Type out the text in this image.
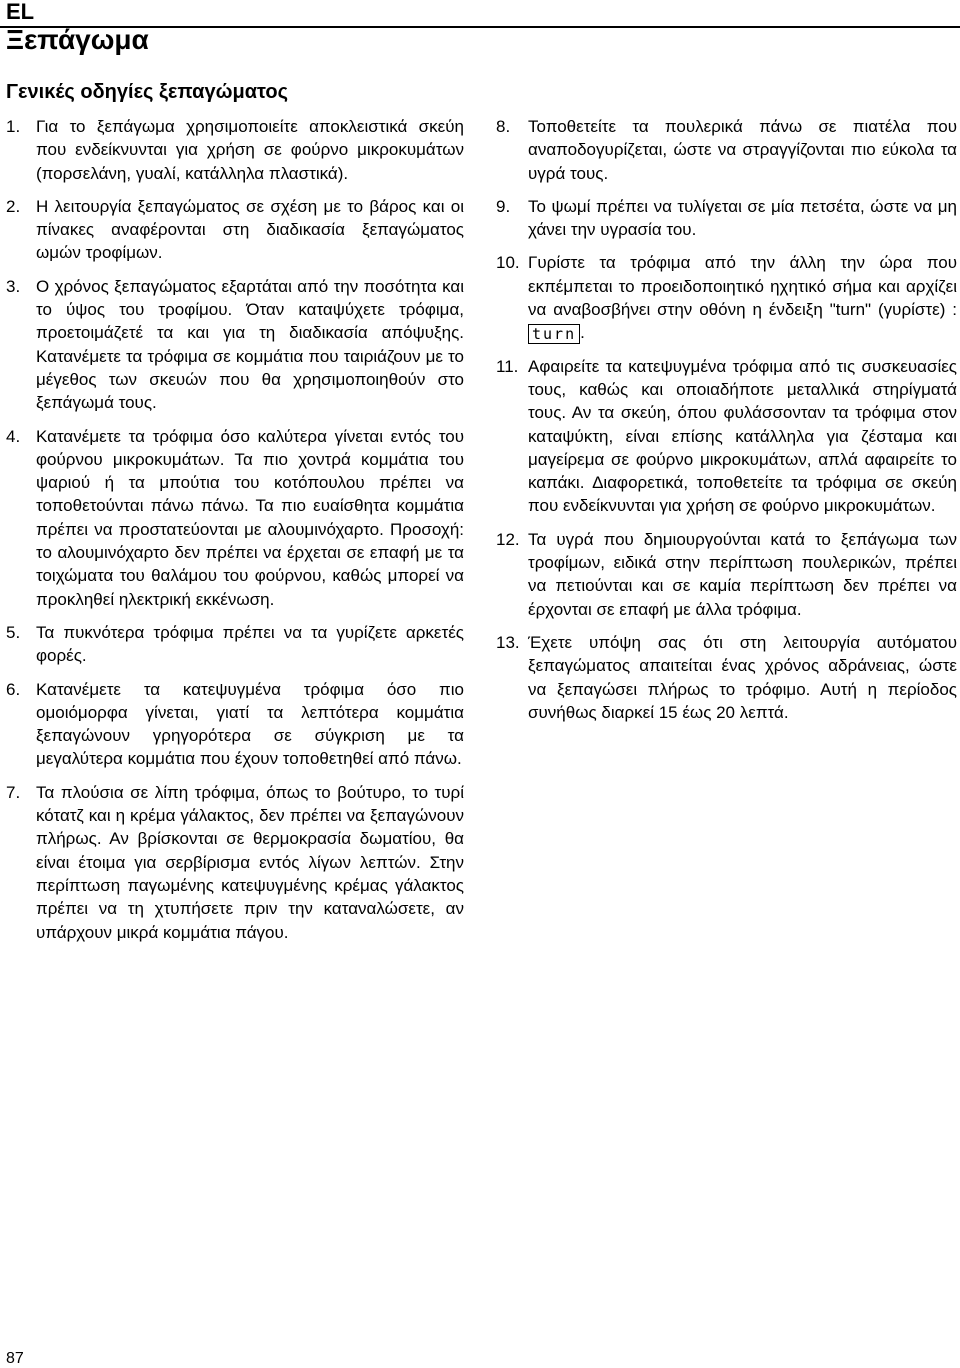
EL
Ξεπάγωμα
Γενικές οδηγίες ξεπαγώματος
1. Για το ξεπάγωμα χρησιμοποιείτε αποκλειστικά σκεύη που ενδείκνυνται για χρήση σε φούρνο μικροκυμάτων (πορσελάνη, γυαλί, κατάλληλα πλαστικά).
2. Η λειτουργία ξεπαγώματος σε σχέση με το βάρος και οι πίνακες αναφέρονται στη διαδικασία ξεπαγώματος ωμών τροφίμων.
3. Ο χρόνος ξεπαγώματος εξαρτάται από την ποσότητα και το ύψος του τροφίμου. Όταν καταψύχετε τρόφιμα, προετοιμάζετέ τα και για τη διαδικασία απόψυξης. Κατανέμετε τα τρόφιμα σε κομμάτια που ταιριάζουν με το μέγεθος των σκευών που θα χρησιμοποιηθούν στο ξεπάγωμά τους.
4. Κατανέμετε τα τρόφιμα όσο καλύτερα γίνεται εντός του φούρνου μικροκυμάτων. Τα πιο χοντρά κομμάτια του ψαριού ή τα μπούτια του κοτόπουλου πρέπει να τοποθετούνται πάνω πάνω. Τα πιο ευαίσθητα κομμάτια πρέπει να προστατεύονται με αλουμινόχαρτο. Προσοχή: το αλουμινόχαρτο δεν πρέπει να έρχεται σε επαφή με τα τοιχώματα του θαλάμου του φούρνου, καθώς μπορεί να προκληθεί ηλεκτρική εκκένωση.
5. Τα πυκνότερα τρόφιμα πρέπει να τα γυρίζετε αρκετές φορές.
6. Κατανέμετε τα κατεψυγμένα τρόφιμα όσο πιο ομοιόμορφα γίνεται, γιατί τα λεπτότερα κομμάτια ξεπαγώνουν γρηγορότερα σε σύγκριση με τα μεγαλύτερα κομμάτια που έχουν τοποθετηθεί από πάνω.
7. Τα πλούσια σε λίπη τρόφιμα, όπως το βούτυρο, το τυρί κότατζ και η κρέμα γάλακτος, δεν πρέπει να ξεπαγώνουν πλήρως. Αν βρίσκονται σε θερμοκρασία δωματίου, θα είναι έτοιμα για σερβίρισμα εντός λίγων λεπτών. Στην περίπτωση παγωμένης κατεψυγμένης κρέμας γάλακτος πρέπει να τη χτυπήσετε πριν την καταναλώσετε, αν υπάρχουν μικρά κομμάτια πάγου.
8.	Τοποθετείτε τα πουλερικά πάνω σε πιατέλα που αναποδογυρίζεται, ώστε να στραγγίζονται πιο εύκολα τα υγρά τους.
9.	Το ψωμί πρέπει να τυλίγεται σε μία πετσέτα, ώστε να μη χάνει την υγρασία του.
10. Γυρίστε τα τρόφιμα από την άλλη την ώρα που εκπέμπεται το προειδοποιητικό ηχητικό σήμα και αρχίζει να αναβοσβήνει στην οθόνη η ένδειξη "turn" (γυρίστε) : turn .
11. Αφαιρείτε τα κατεψυγμένα τρόφιμα από τις συσκευασίες τους, καθώς και οποιαδήποτε μεταλλικά στηρίγματά τους. Αν τα σκεύη, όπου φυλάσσονταν τα τρόφιμα στον καταψύκτη, είναι επίσης κατάλληλα για ζέσταμα και μαγείρεμα σε φούρνο μικροκυμάτων, απλά αφαιρείτε το καπάκι. Διαφορετικά, τοποθετείτε τα τρόφιμα σε σκεύη που ενδείκνυνται για χρήση σε φούρνο μικροκυμάτων.
12. Τα υγρά που δημιουργούνται κατά το ξεπάγωμα των τροφίμων, ειδικά στην περίπτωση πουλερικών, πρέπει να πετιούνται και σε καμία περίπτωση δεν πρέπει να έρχονται σε επαφή με άλλα τρόφιμα.
13. Έχετε υπόψη σας ότι στη λειτουργία αυτόματου ξεπαγώματος απαιτείται ένας χρόνος αδράνειας, ώστε να ξεπαγώσει πλήρως το τρόφιμο. Αυτή η περίοδος συνήθως διαρκεί 15 έως 20 λεπτά.
87
